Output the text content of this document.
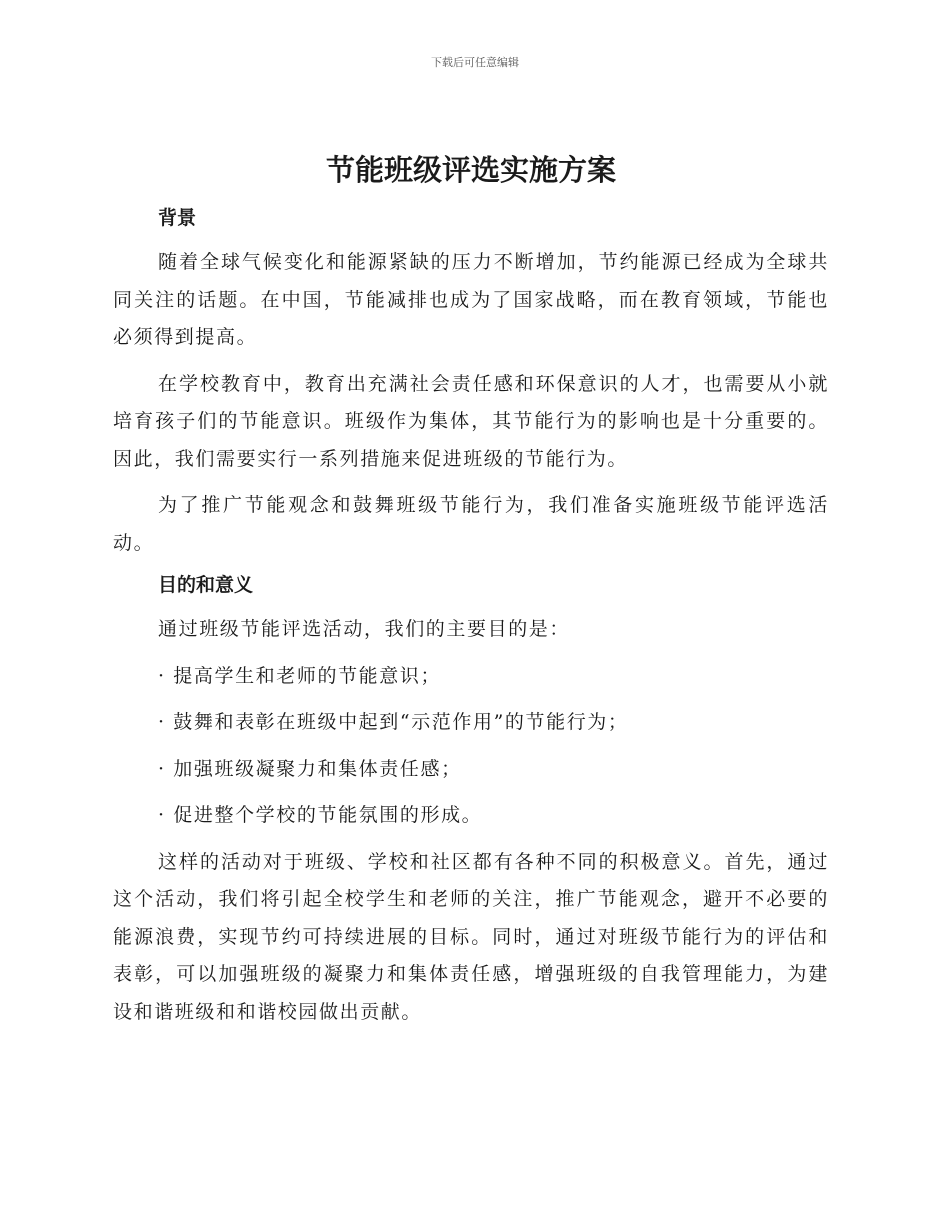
下载后可任意编辑
节能班级评选实施方案
背景

随着全球气候变化和能源紧缺的压力不断增加，节约能源已经成为全球共同关注的话题。在中国，节能减排也成为了国家战略，而在教育领域，节能也必须得到提高。

在学校教育中，教育出充满社会责任感和环保意识的人才，也需要从小就培育孩子们的节能意识。班级作为集体，其节能行为的影响也是十分重要的。因此，我们需要实行一系列措施来促进班级的节能行为。

为了推广节能观念和鼓舞班级节能行为，我们准备实施班级节能评选活动。

目的和意义

通过班级节能评选活动，我们的主要目的是：

· 提高学生和老师的节能意识；
· 鼓舞和表彰在班级中起到“示范作用”的节能行为；
· 加强班级凝聚力和集体责任感；
· 促进整个学校的节能氛围的形成。

这样的活动对于班级、学校和社区都有各种不同的积极意义。首先，通过这个活动，我们将引起全校学生和老师的关注，推广节能观念，避开不必要的能源浪费，实现节约可持续进展的目标。同时，通过对班级节能行为的评估和表彰，可以加强班级的凝聚力和集体责任感，增强班级的自我管理能力，为建设和谐班级和和谐校园做出贡献。
